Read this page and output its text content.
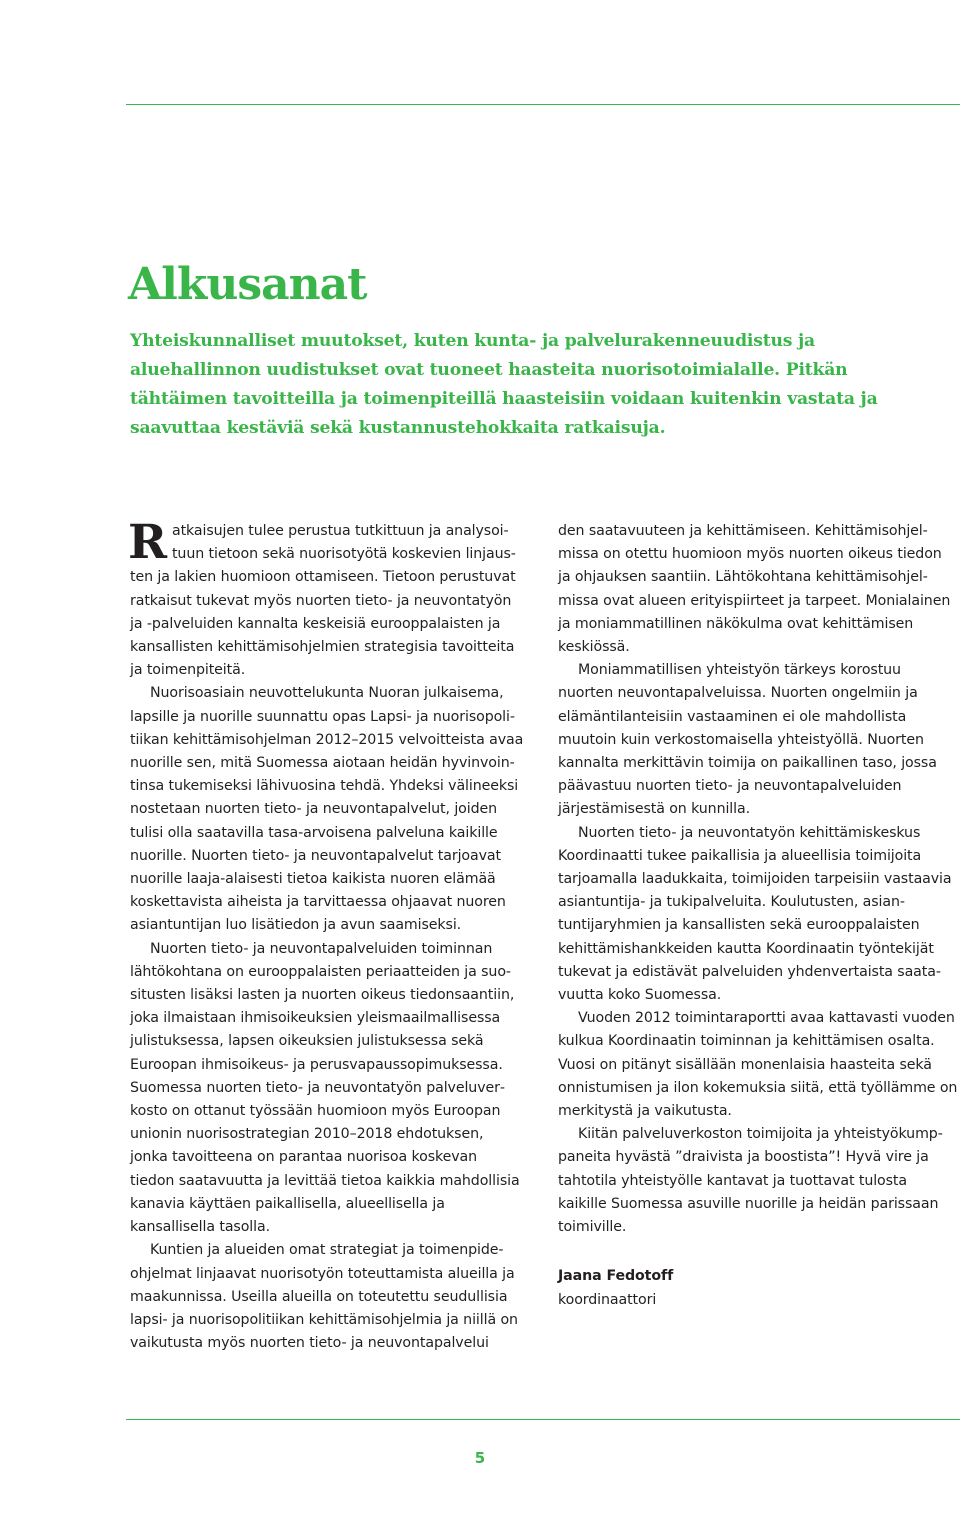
Alkusanat

Yhteiskunnalliset muutokset, kuten kunta- ja palvelurakenneuudistus ja aluehallinnon uudistukset ovat tuoneet haasteita nuorisotoimialalle. Pitkän tähtäimen tavoitteilla ja toimenpiteillä haasteisiin voidaan kuitenkin vastata ja saavuttaa kestäviä sekä kustannustehokkaita ratkaisuja.

Ratkaisujen tulee perustua tutkittuun ja analysoituun tietoon sekä nuorisotyötä koskevien linjausten ja lakien huomioon ottamiseen. Tietoon perustuvat ratkaisut tukevat myös nuorten tieto- ja neuvontatyön ja -palveluiden kannalta keskeisiä eurooppalaisten ja kansallisten kehittämisohjelmien strategisia tavoitteita ja toimenpiteitä.

Nuorisoasiain neuvottelukunta Nuoran julkaisema, lapsille ja nuorille suunnattu opas Lapsi- ja nuorisopolitiikan kehittämisohjelman 2012–2015 velvoitteista avaa nuorille sen, mitä Suomessa aiotaan heidän hyvinvointinsa tukemiseksi lähivuosina tehdä. Yhdeksi välineeksi nostetaan nuorten tieto- ja neuvontapalvelut, joiden tulisi olla saatavilla tasa-arvoisena palveluna kaikille nuorille. Nuorten tieto- ja neuvontapalvelut tarjoavat nuorille laaja-alaisesti tietoa kaikista nuoren elämää koskettavista aiheista ja tarvittaessa ohjaavat nuoren asiantuntijan luo lisätiedon ja avun saamiseksi.

Nuorten tieto- ja neuvontapalveluiden toiminnan lähtökohtana on eurooppalaisten periaatteiden ja suositusten lisäksi lasten ja nuorten oikeus tiedonsaantiin, joka ilmaistaan ihmisoikeuksien yleismaailmallisessa julistuksessa, lapsen oikeuksien julistuksessa sekä Euroopan ihmisoikeus- ja perusvapaussopimuksessa. Suomessa nuorten tieto- ja neuvontatyön palveluverkosto on ottanut työssään huomioon myös Euroopan unionin nuorisostrategian 2010–2018 ehdotuksen, jonka tavoitteena on parantaa nuorisoa koskevan tiedon saatavuutta ja levittää tietoa kaikkia mahdollisia kanavia käyttäen paikallisella, alueellisella ja kansallisella tasolla.

Kuntien ja alueiden omat strategiat ja toimenpideohjelmat linjaavat nuorisotyön toteuttamista alueilla ja maakunnissa. Useilla alueilla on toteutettu seudullisia lapsi- ja nuorisopolitiikan kehittämisohjelmia ja niillä on vaikutusta myös nuorten tieto- ja neuvontapalvelui

den saatavuuteen ja kehittämiseen. Kehittämisohjelmissa on otettu huomioon myös nuorten oikeus tiedon ja ohjauksen saantiin. Lähtökohtana kehittämisohjelmissa ovat alueen erityispiirteet ja tarpeet. Monialainen ja moniammatillinen näkökulma ovat kehittämisen keskiössä.

Moniammatillisen yhteistyön tärkeys korostuu nuorten neuvontapalveluissa. Nuorten ongelmiin ja elämäntilanteisiin vastaaminen ei ole mahdollista muutoin kuin verkostomaisella yhteistyöllä. Nuorten kannalta merkittävin toimija on paikallinen taso, jossa päävastuu nuorten tieto- ja neuvontapalveluiden järjestämisestä on kunnilla.

Nuorten tieto- ja neuvontatyön kehittämiskeskus Koordinaatti tukee paikallisia ja alueellisia toimijoita tarjoamalla laadukkaita, toimijoiden tarpeisiin vastaavia asiantuntija- ja tukipalveluita. Koulutusten, asiantuntijaryhmien ja kansallisten sekä eurooppalaisten kehittämishankkeiden kautta Koordinaatin työntekijät tukevat ja edistävät palveluiden yhdenvertaista saatavuutta koko Suomessa.

Vuoden 2012 toimintaraportti avaa kattavasti vuoden kulkua Koordinaatin toiminnan ja kehittämisen osalta. Vuosi on pitänyt sisällään monenlaisia haasteita sekä onnistumisen ja ilon kokemuksia siitä, että työllämme on merkitystä ja vaikutusta.

Kiitän palveluverkoston toimijoita ja yhteistyökumppaneita hyvästä ”draivista ja boostista”! Hyvä vire ja tahtotila yhteistyölle kantavat ja tuottavat tulosta kaikille Suomessa asuville nuorille ja heidän parissaan toimiville.

Jaana Fedotoff
koordinaattori

5
